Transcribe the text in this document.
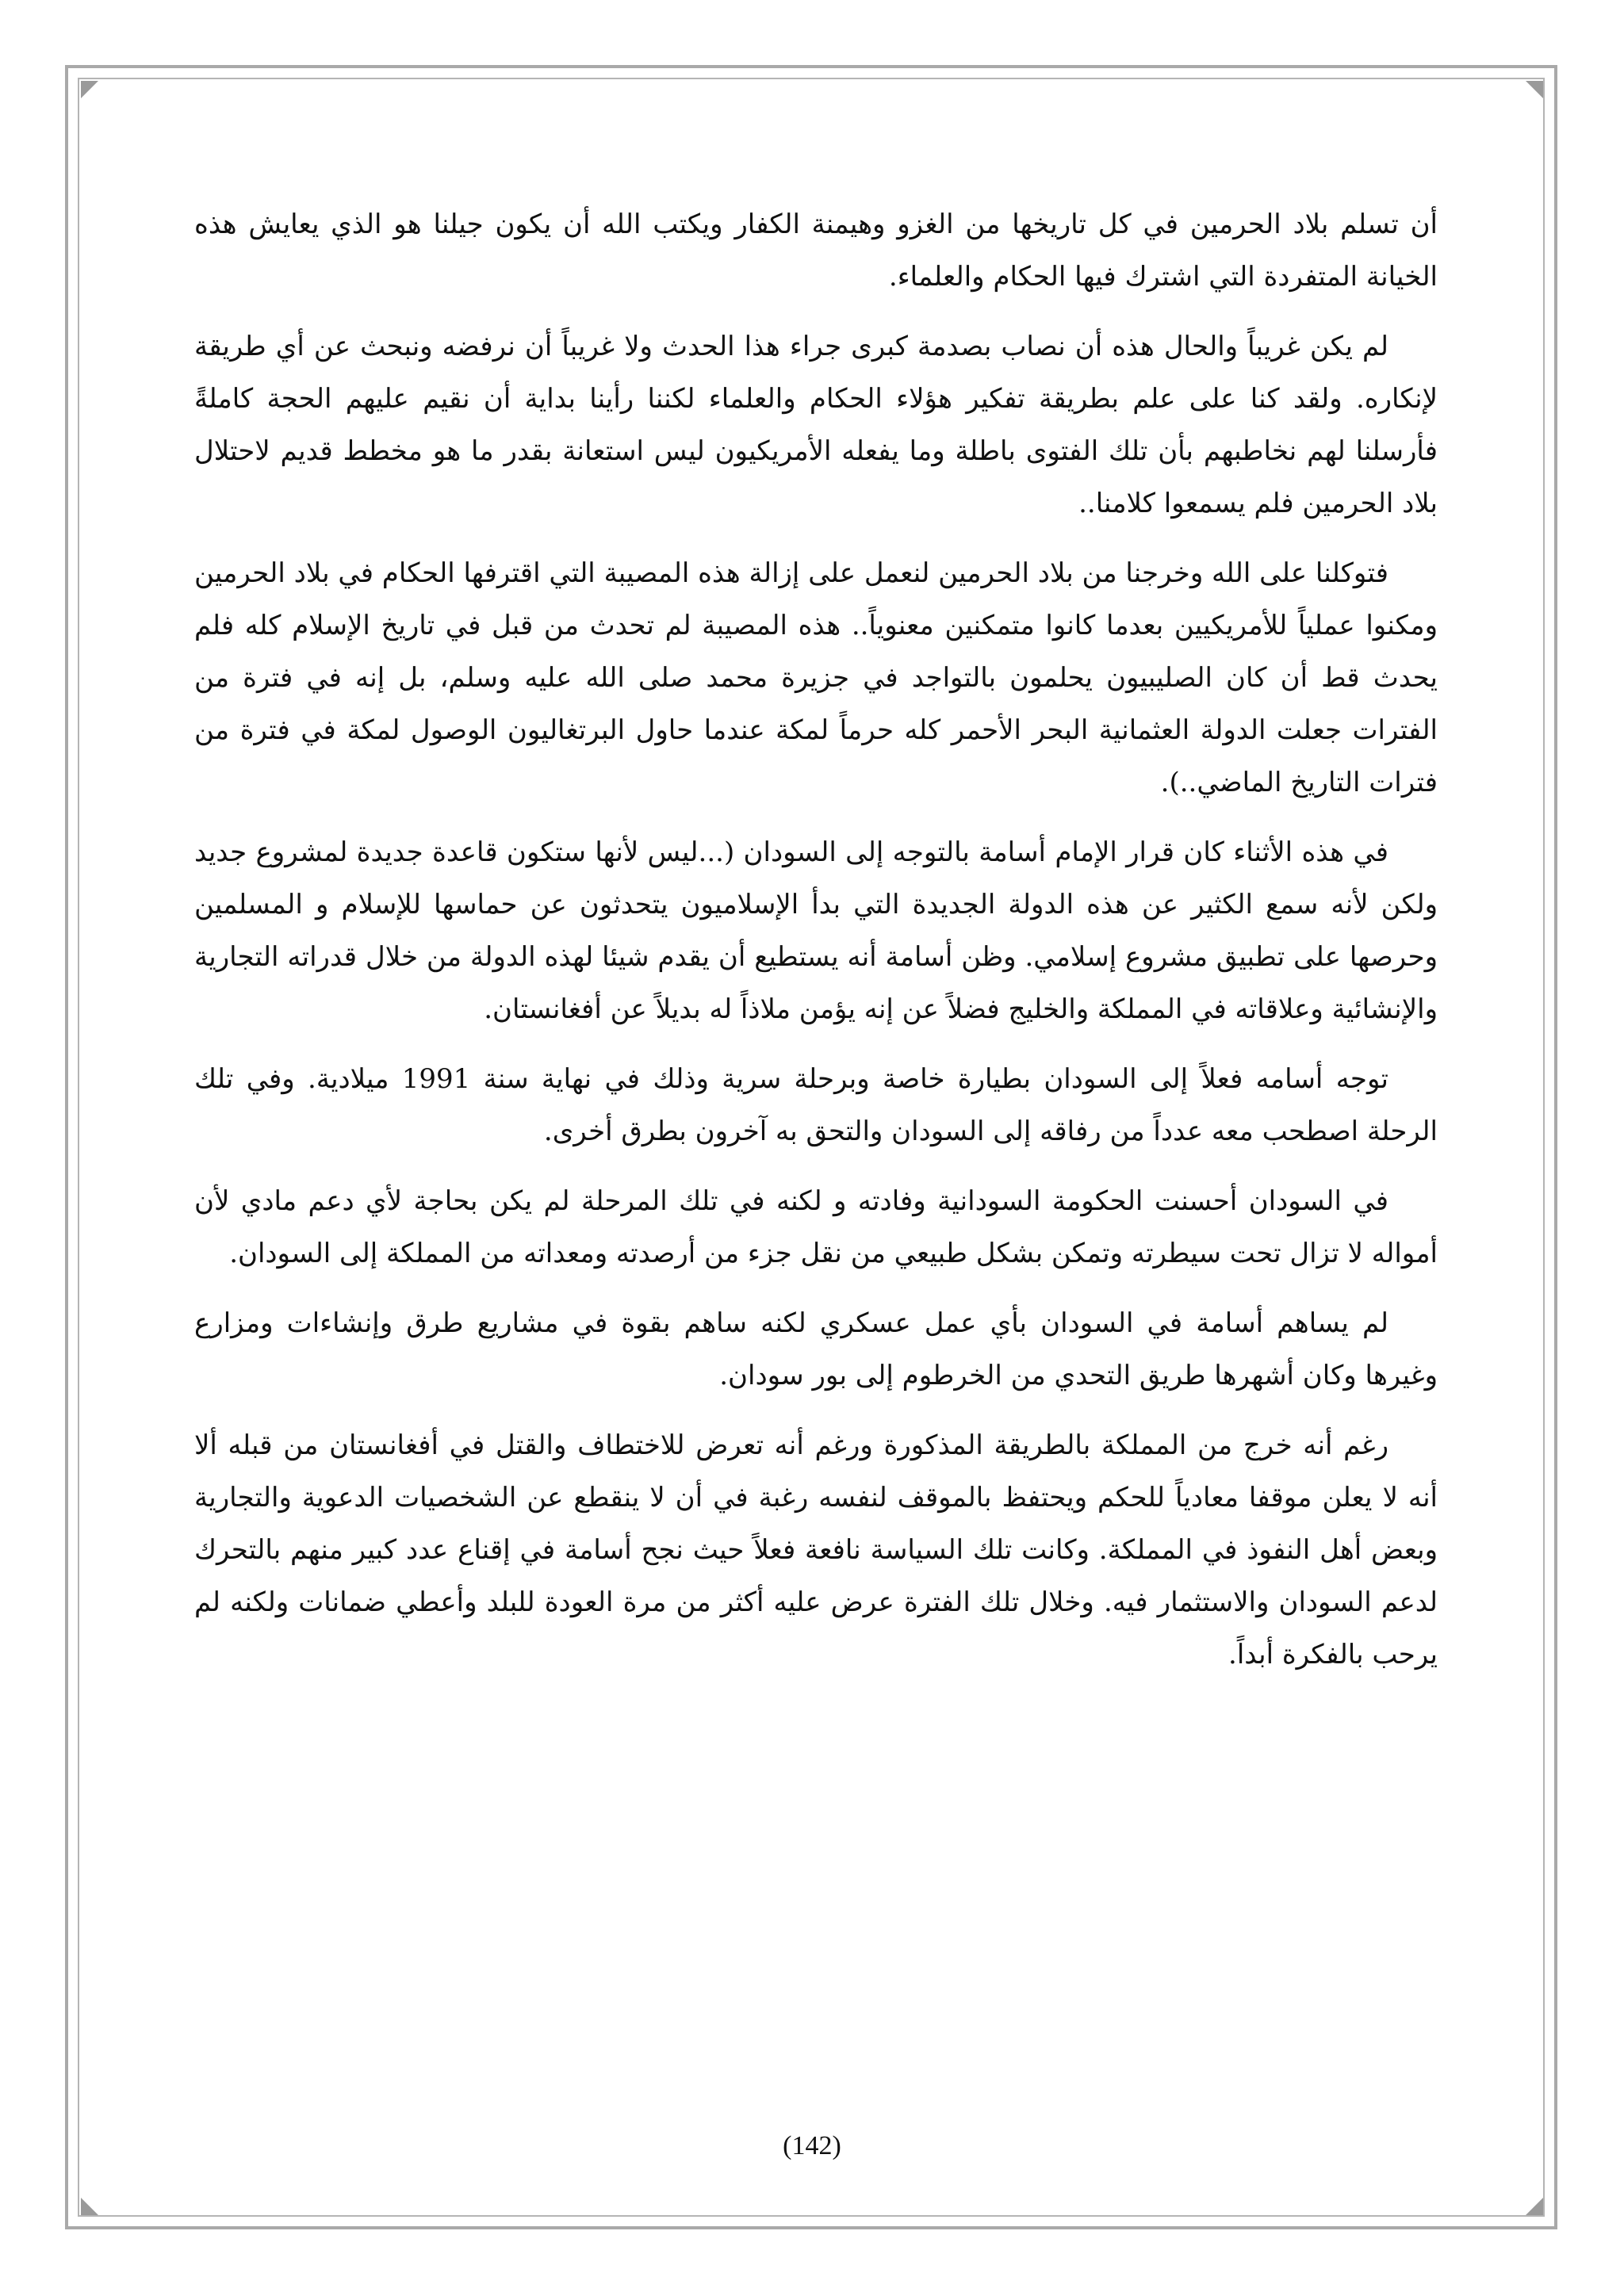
أن تسلم بلاد الحرمين في كل تاريخها من الغزو وهيمنة الكفار ويكتب الله أن يكون جيلنا هو الذي يعايش هذه الخيانة المتفردة التي اشترك فيها الحكام والعلماء.

لم يكن غريباً والحال هذه أن نصاب بصدمة كبرى جراء هذا الحدث ولا غريباً أن نرفضه ونبحث عن أي طريقة لإنكاره. ولقد كنا على علم بطريقة تفكير هؤلاء الحكام والعلماء لكننا رأينا بداية أن نقيم عليهم الحجة كاملةً فأرسلنا لهم نخاطبهم بأن تلك الفتوى باطلة وما يفعله الأمريكيون ليس استعانة بقدر ما هو مخطط قديم لاحتلال بلاد الحرمين فلم يسمعوا كلامنا..

فتوكلنا على الله وخرجنا من بلاد الحرمين لنعمل على إزالة هذه المصيبة التي اقترفها الحكام في بلاد الحرمين ومكنوا عملياً للأمريكيين بعدما كانوا متمكنين معنوياً.. هذه المصيبة لم تحدث من قبل في تاريخ الإسلام كله فلم يحدث قط أن كان الصليبيون يحلمون بالتواجد في جزيرة محمد صلى الله عليه وسلم، بل إنه في فترة من الفترات جعلت الدولة العثمانية البحر الأحمر كله حرماً لمكة عندما حاول البرتغاليون الوصول لمكة في فترة من فترات التاريخ الماضي..).

في هذه الأثناء كان قرار الإمام أسامة بالتوجه إلى السودان (...ليس لأنها ستكون قاعدة جديدة لمشروع جديد ولكن لأنه سمع الكثير عن هذه الدولة الجديدة التي بدأ الإسلاميون يتحدثون عن حماسها للإسلام و المسلمين وحرصها على تطبيق مشروع إسلامي. وظن أسامة أنه يستطيع أن يقدم شيئا لهذه الدولة من خلال قدراته التجارية والإنشائية وعلاقاته في المملكة والخليج فضلاً عن إنه يؤمن ملاذاً له بديلاً عن أفغانستان.

توجه أسامه فعلاً إلى السودان بطيارة خاصة وبرحلة سرية وذلك في نهاية سنة 1991 ميلادية. وفي تلك الرحلة اصطحب معه عدداً من رفاقه إلى السودان والتحق به آخرون بطرق أخرى.

في السودان أحسنت الحكومة السودانية وفادته و لكنه في تلك المرحلة لم يكن بحاجة لأي دعم مادي لأن أمواله لا تزال تحت سيطرته وتمكن بشكل طبيعي من نقل جزء من أرصدته ومعداته من المملكة إلى السودان.

لم يساهم أسامة في السودان بأي عمل عسكري لكنه ساهم بقوة في مشاريع طرق وإنشاءات ومزارع وغيرها وكان أشهرها طريق التحدي من الخرطوم إلى بور سودان.

رغم أنه خرج من المملكة بالطريقة المذكورة ورغم أنه تعرض للاختطاف والقتل في أفغانستان من قبله ألا أنه لا يعلن موقفا معادياً للحكم ويحتفظ بالموقف لنفسه رغبة في أن لا ينقطع عن الشخصيات الدعوية والتجارية وبعض أهل النفوذ في المملكة. وكانت تلك السياسة نافعة فعلاً حيث نجح أسامة في إقناع عدد كبير منهم بالتحرك لدعم السودان والاستثمار فيه. وخلال تلك الفترة عرض عليه أكثر من مرة العودة للبلد وأعطي ضمانات ولكنه لم يرحب بالفكرة أبداً.

(142)
